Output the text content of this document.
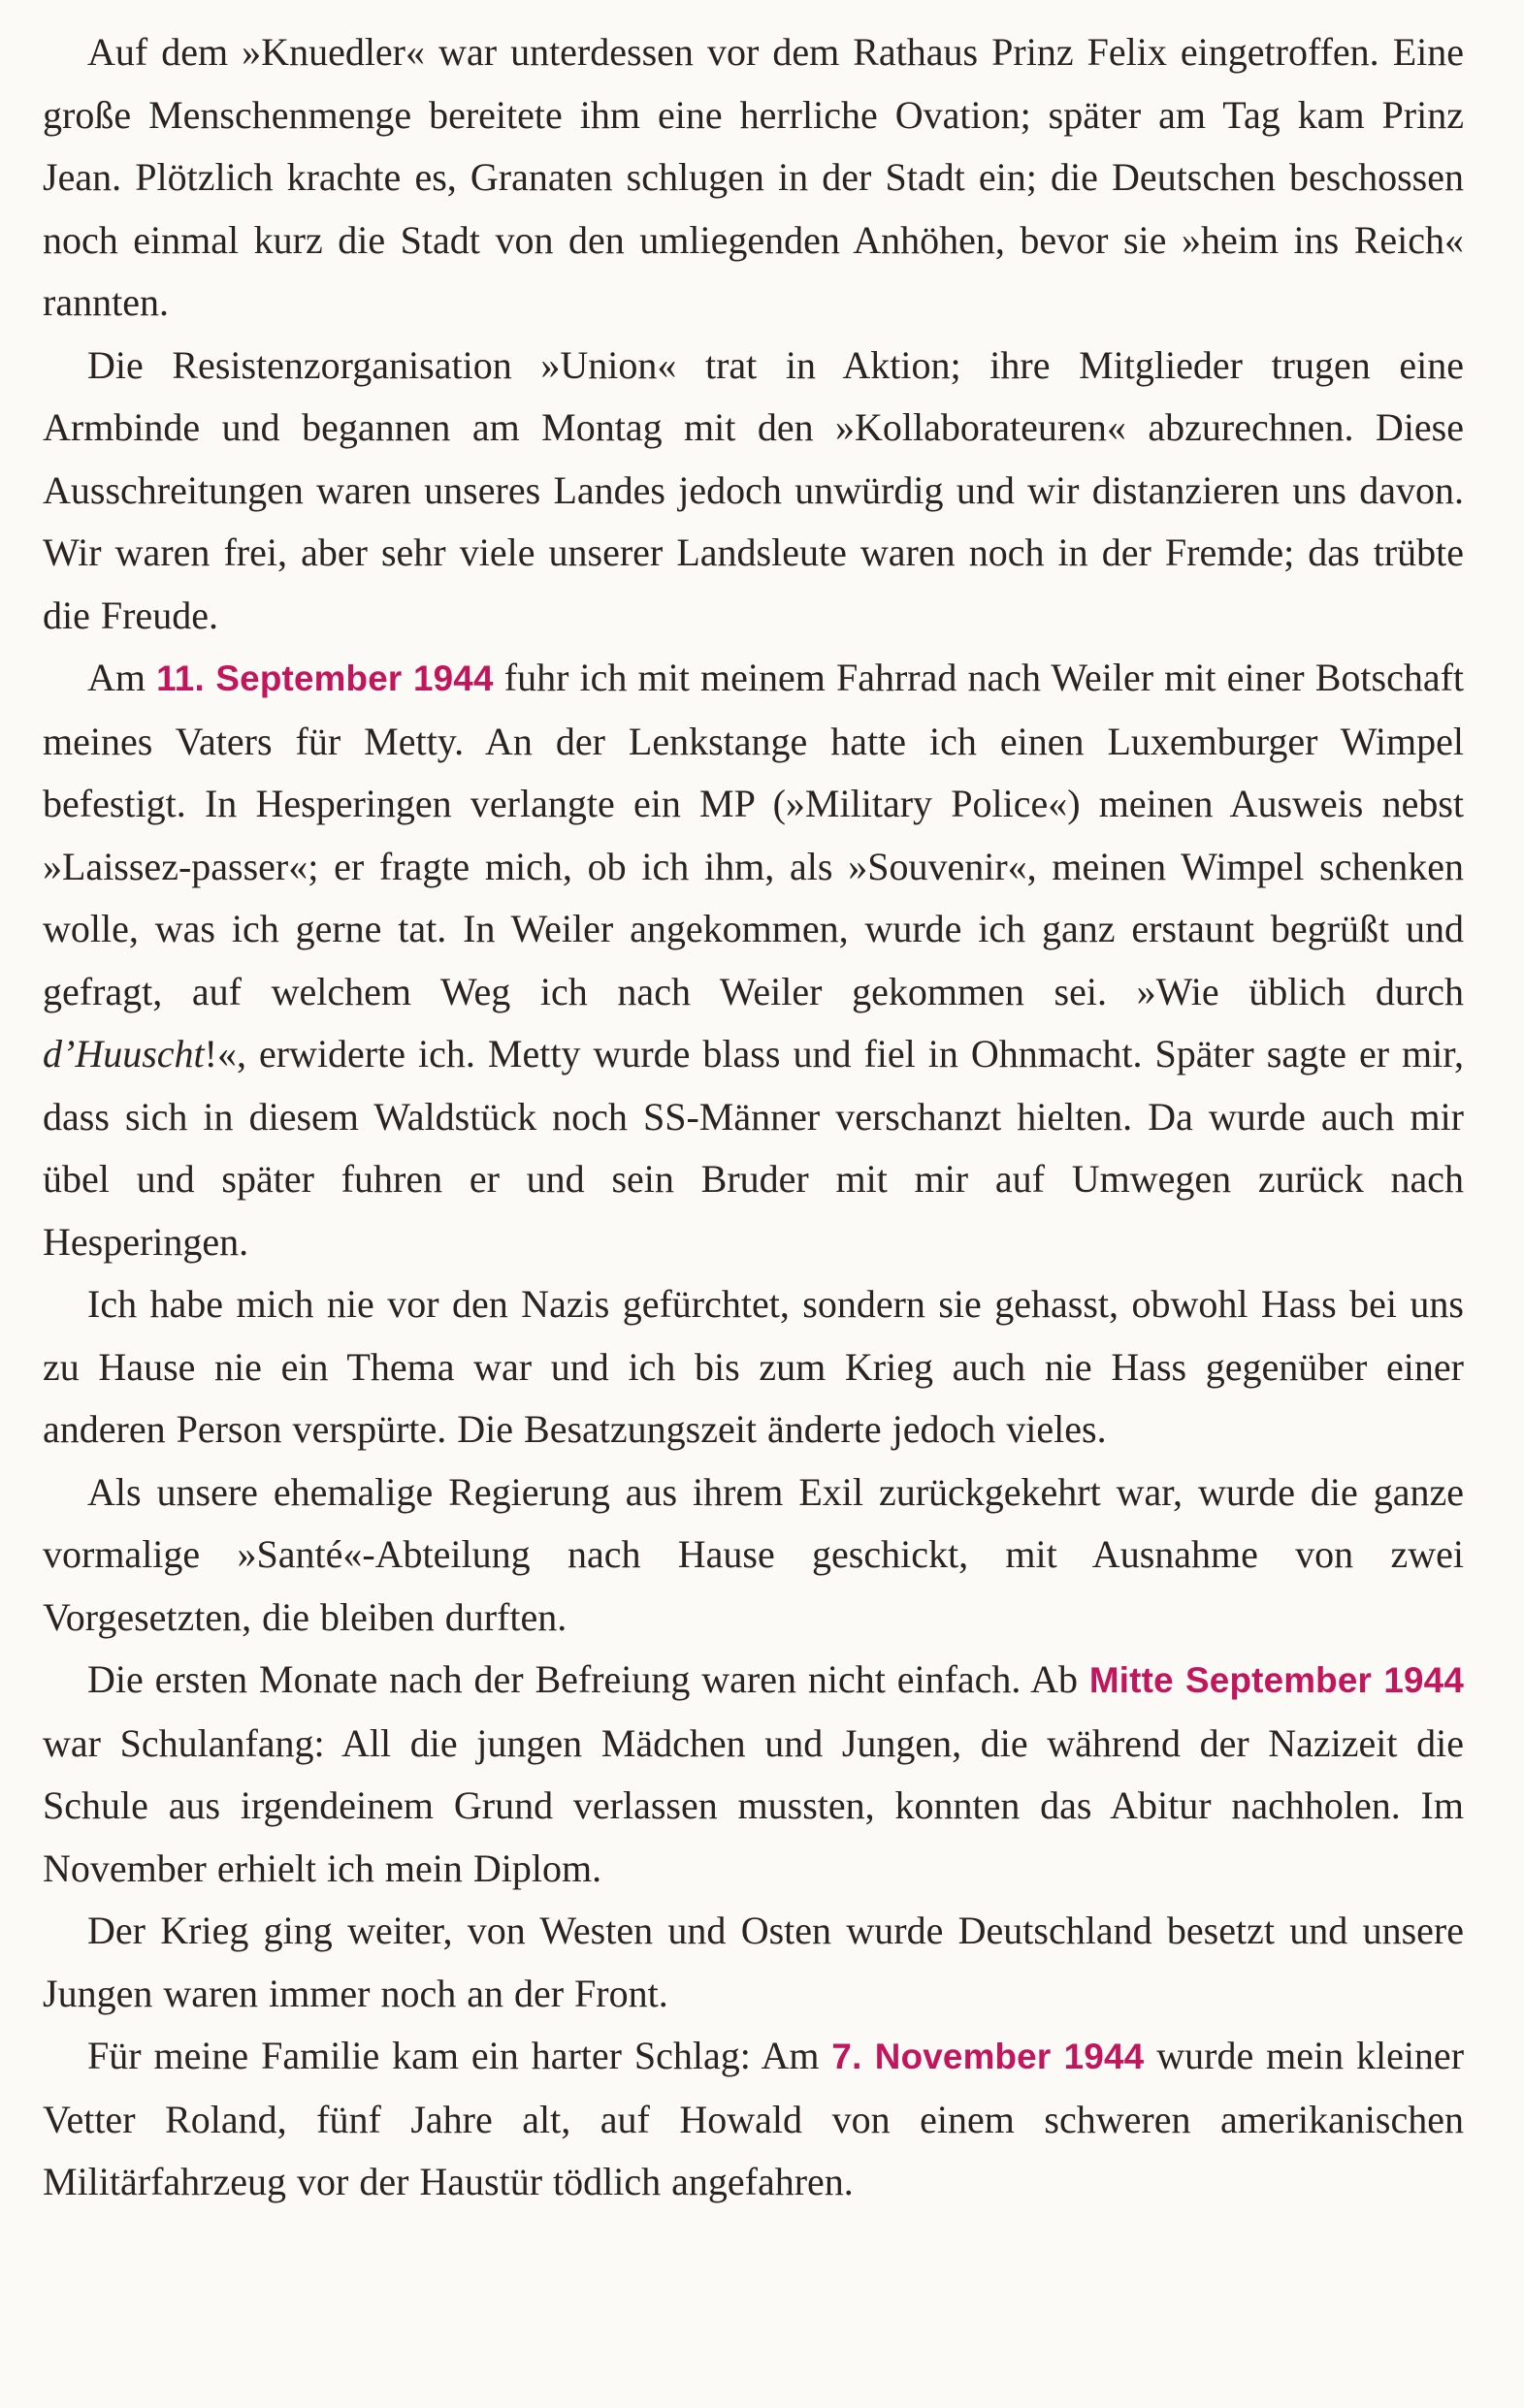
Auf dem »Knuedler« war unterdessen vor dem Rathaus Prinz Felix eingetroffen. Eine große Menschenmenge bereitete ihm eine herrliche Ovation; später am Tag kam Prinz Jean. Plötzlich krachte es, Granaten schlugen in der Stadt ein; die Deutschen beschossen noch einmal kurz die Stadt von den umliegenden Anhöhen, bevor sie »heim ins Reich« rannten.

Die Resistenzorganisation »Union« trat in Aktion; ihre Mitglieder trugen eine Armbinde und begannen am Montag mit den »Kollaborateuren« abzurechnen. Diese Ausschreitungen waren unseres Landes jedoch unwürdig und wir distanzieren uns davon. Wir waren frei, aber sehr viele unserer Landsleute waren noch in der Fremde; das trübte die Freude.

Am 11. September 1944 fuhr ich mit meinem Fahrrad nach Weiler mit einer Botschaft meines Vaters für Metty. An der Lenkstange hatte ich einen Luxemburger Wimpel befestigt. In Hesperingen verlangte ein MP (»Military Police«) meinen Ausweis nebst »Laissez-passer«; er fragte mich, ob ich ihm, als »Souvenir«, meinen Wimpel schenken wolle, was ich gerne tat. In Weiler angekommen, wurde ich ganz erstaunt begrüßt und gefragt, auf welchem Weg ich nach Weiler gekommen sei. »Wie üblich durch d’Huuscht!«, erwiderte ich. Metty wurde blass und fiel in Ohnmacht. Später sagte er mir, dass sich in diesem Waldstück noch SS-Männer verschanzt hielten. Da wurde auch mir übel und später fuhren er und sein Bruder mit mir auf Umwegen zurück nach Hesperingen.

Ich habe mich nie vor den Nazis gefürchtet, sondern sie gehasst, obwohl Hass bei uns zu Hause nie ein Thema war und ich bis zum Krieg auch nie Hass gegenüber einer anderen Person verspürte. Die Besatzungszeit änderte jedoch vieles.

Als unsere ehemalige Regierung aus ihrem Exil zurückgekehrt war, wurde die ganze vormalige »Santé«-Abteilung nach Hause geschickt, mit Ausnahme von zwei Vorgesetzten, die bleiben durften.

Die ersten Monate nach der Befreiung waren nicht einfach. Ab Mitte September 1944 war Schulanfang: All die jungen Mädchen und Jungen, die während der Nazizeit die Schule aus irgendeinem Grund verlassen mussten, konnten das Abitur nachholen. Im November erhielt ich mein Diplom.

Der Krieg ging weiter, von Westen und Osten wurde Deutschland besetzt und unsere Jungen waren immer noch an der Front.

Für meine Familie kam ein harter Schlag: Am 7. November 1944 wurde mein kleiner Vetter Roland, fünf Jahre alt, auf Howald von einem schweren amerikanischen Militärfahrzeug vor der Haustür tödlich angefahren.
